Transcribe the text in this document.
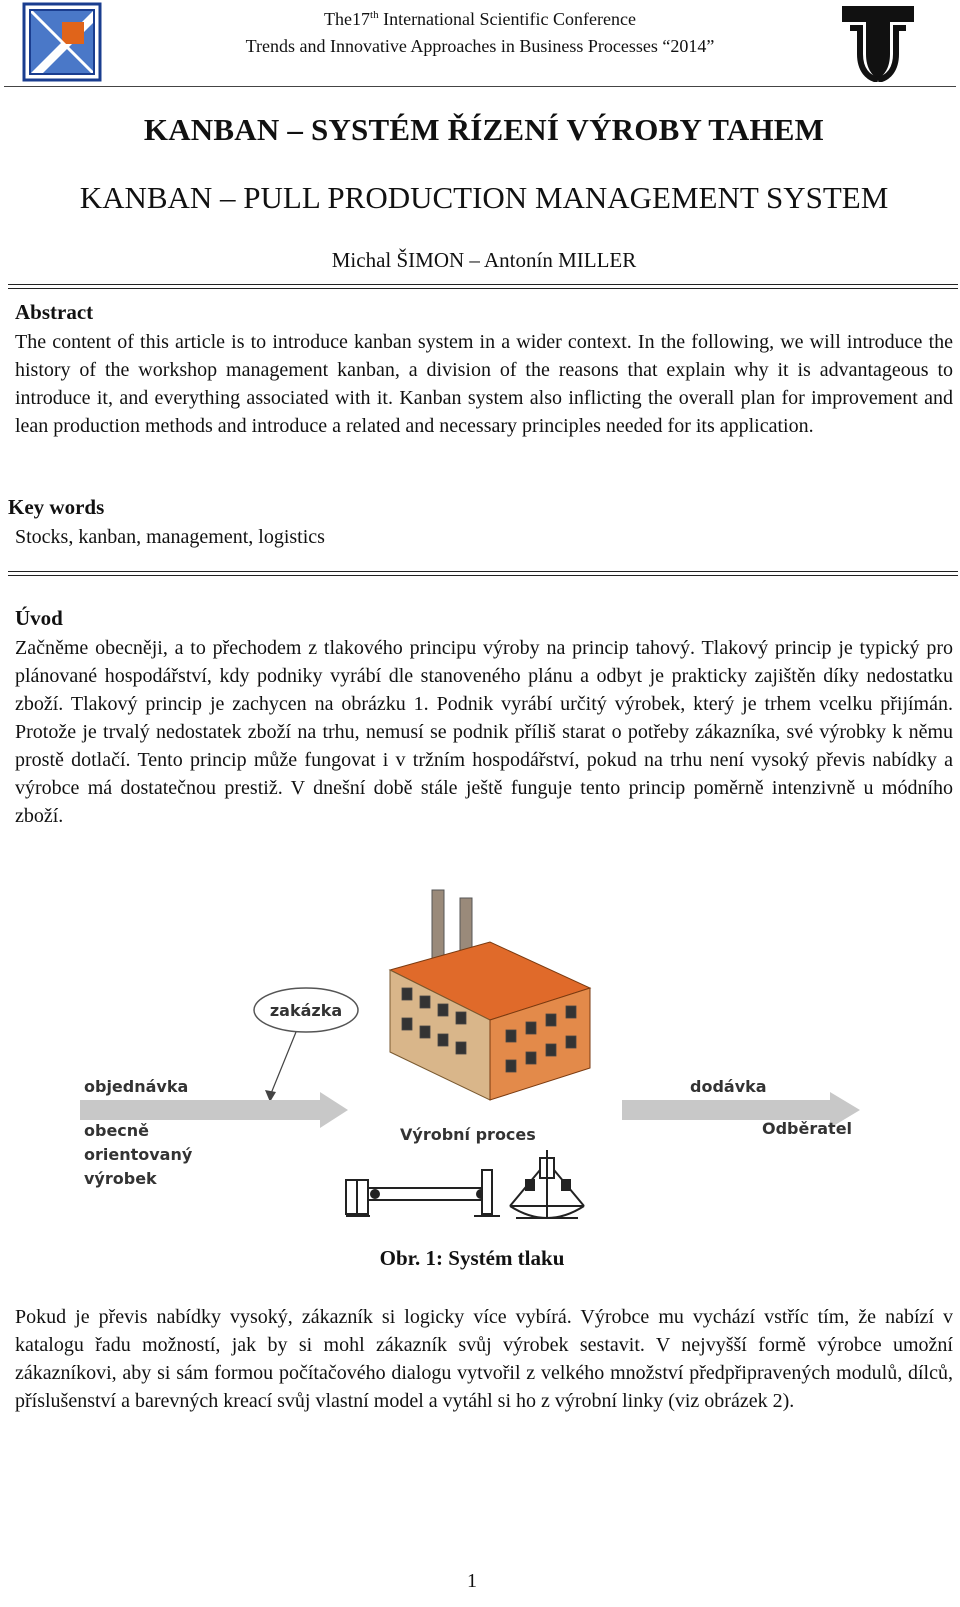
The17th International Scientific Conference
Trends and Innovative Approaches in Business Processes “2014”
KANBAN – SYSTÉM ŘÍZENÍ VÝROBY TAHEM
KANBAN – PULL PRODUCTION MANAGEMENT SYSTEM
Michal ŠIMON – Antonín MILLER
Abstract
The content of this article is to introduce kanban system in a wider context. In the following, we will introduce the history of the workshop management kanban, a division of the reasons that explain why it is advantageous to introduce it, and everything associated with it. Kanban system also inflicting the overall plan for improvement and lean production methods and introduce a related and necessary principles needed for its application.
Key words
Stocks, kanban, management, logistics
Úvod
Začněme obecněji, a to přechodem z tlakového principu výroby na princip tahový. Tlakový princip je typický pro plánované hospodářství, kdy podniky vyrábí dle stanoveného plánu a odbyt je prakticky zajištěn díky nedostatku zboží. Tlakový princip je zachycen na obrázku 1. Podnik vyrábí určitý výrobek, který je trhem vcelku přijímán. Protože je trvalý nedostatek zboží na trhu, nemusí se podnik příliš starat o potřeby zákazníka, své výrobky k němu prostě dotlačí. Tento princip může fungovat i v tržním hospodářství, pokud na trhu není vysoký převis nabídky a výrobce má dostatečnou prestiž. V dnešní době stále ještě funguje tento princip poměrně intenzivně u módního zboží.
zakázka
objednávka
obecně
orientovaný
výrobek
Výrobní proces
dodávka
Odběratel
Obr. 1: Systém tlaku
Pokud je převis nabídky vysoký, zákazník si logicky více vybírá. Výrobce mu vychází vstříc tím, že nabízí v katalogu řadu možností, jak by si mohl zákazník svůj výrobek sestavit. V nejvyšší formě výrobce umožní zákazníkovi, aby si sám formou počítačového dialogu vytvořil z velkého množství předpřipravených modulů, dílců, příslušenství a barevných kreací svůj vlastní model a vytáhl si ho z výrobní linky (viz obrázek 2).
1
